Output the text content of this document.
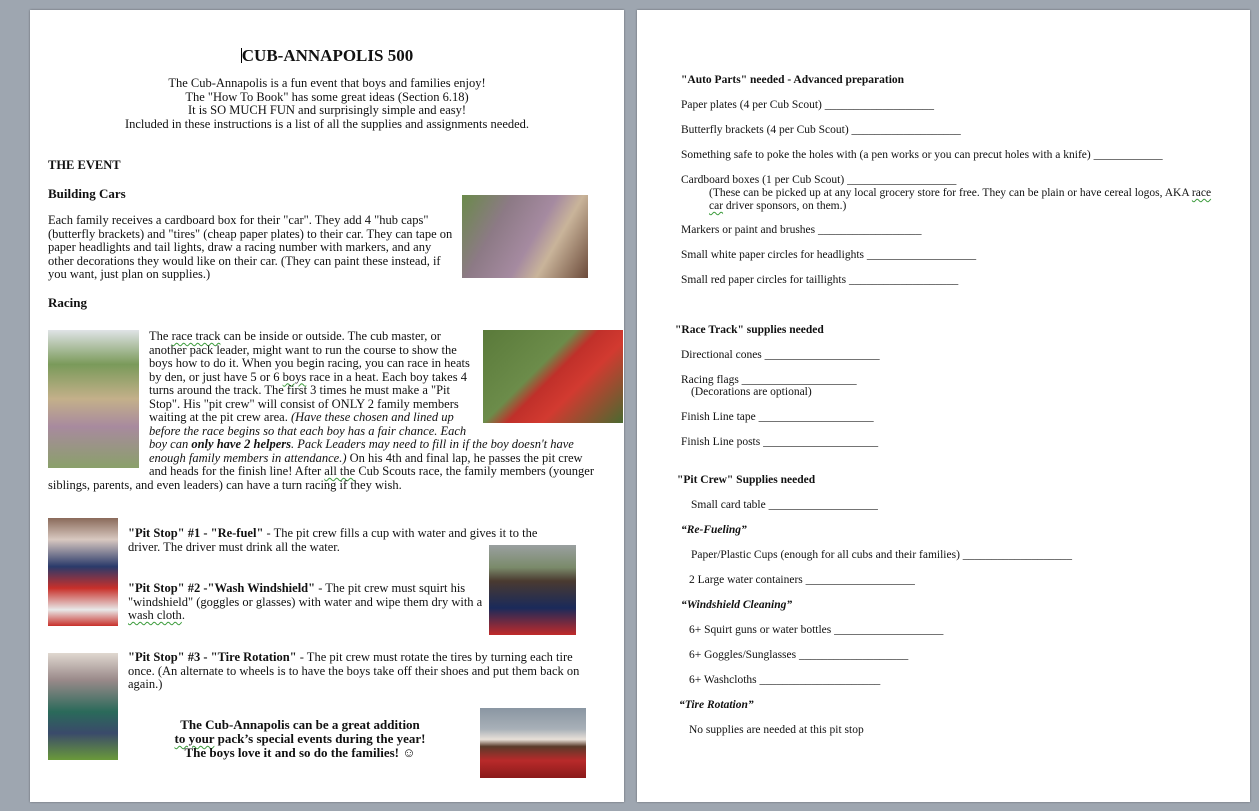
CUB-ANNAPOLIS 500
The Cub-Annapolis is a fun event that boys and families enjoy!
The "How To Book" has some great ideas (Section 6.18)
It is SO MUCH FUN and surprisingly simple and easy!
Included in these instructions is a list of all the supplies and assignments needed.
THE EVENT
Building Cars
Each family receives a cardboard box for their "car". They add 4 "hub caps" (butterfly brackets) and "tires" (cheap paper plates) to their car. They can tape on paper headlights and tail lights, draw a racing number with markers, and any other decorations they would like on their car. (They can paint these instead, if you want, just plan on supplies.)
Racing
The race track can be inside or outside. The cub master, or another pack leader, might want to run the course to show the boys how to do it. When you begin racing, you can race in heats by den, or just have 5 or 6 boys race in a heat. Each boy takes 4 turns around the track. The first 3 times he must make a "Pit Stop". His "pit crew" will consist of ONLY 2 family members waiting at the pit crew area. (Have these chosen and lined up before the race begins so that each boy has a fair chance. Each boy can only have 2 helpers. Pack Leaders may need to fill in if the boy doesn't have enough family members in attendance.) On his 4th and final lap, he passes the pit crew and heads for the finish line! After all the Cub Scouts race, the family members (younger siblings, parents, and even leaders) can have a turn racing if they wish.
"Pit Stop" #1 - "Re-fuel" - The pit crew fills a cup with water and gives it to the driver. The driver must drink all the water.
"Pit Stop" #2 -"Wash Windshield" - The pit crew must squirt his "windshield" (goggles or glasses) with water and wipe them dry with a wash cloth.
"Pit Stop" #3 - "Tire Rotation" - The pit crew must rotate the tires by turning each tire once. (An alternate to wheels is to have the boys take off their shoes and put them back on again.)
The Cub-Annapolis can be a great addition
to your pack’s special events during the year!
The boys love it and so do the families! ☺
"Auto Parts" needed - Advanced preparation
Paper plates (4 per Cub Scout) ___________________
Butterfly brackets (4 per Cub Scout) ___________________
Something safe to poke the holes with (a pen works or you can precut holes with a knife) ____________
Cardboard boxes (1 per Cub Scout) ___________________
(These can be picked up at any local grocery store for free. They can be plain or have cereal logos, AKA race car driver sponsors, on them.)
Markers or paint and brushes __________________
Small white paper circles for headlights ___________________
Small red paper circles for taillights ___________________
"Race Track" supplies needed
Directional cones ____________________
Racing flags ____________________
(Decorations are optional)
Finish Line tape ____________________
Finish Line posts ____________________
"Pit Crew" Supplies needed
Small card table ___________________
“Re-Fueling”
Paper/Plastic Cups (enough for all cubs and their families) ___________________
2 Large water containers ___________________
“Windshield Cleaning”
6+ Squirt guns or water bottles ___________________
6+ Goggles/Sunglasses ___________________
6+ Washcloths _____________________
“Tire Rotation”
No supplies are needed at this pit stop
